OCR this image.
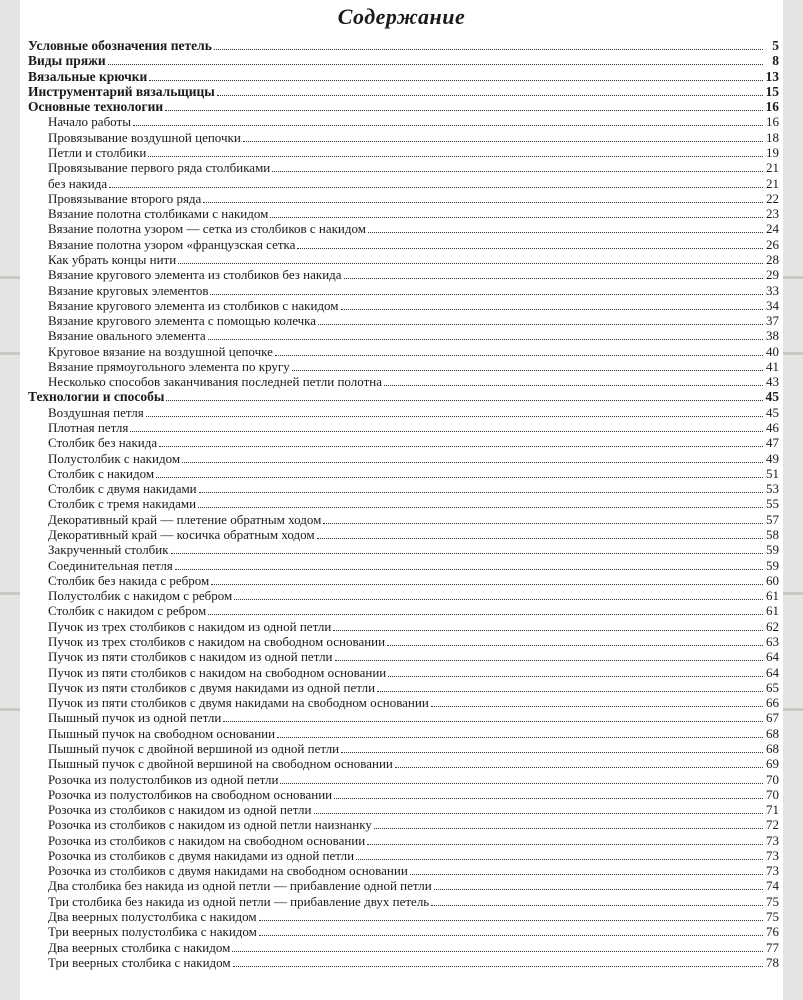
Содержание
Условные обозначения петель	5
Виды пряжи	8
Вязальные крючки	13
Инструментарий вязальщицы	15
Основные технологии	16
Начало работы	16
Провязывание воздушной цепочки	18
Петли и столбики	19
Провязывание первого ряда столбиками	21
без накида	21
Провязывание второго ряда	22
Вязание полотна столбиками с накидом	23
Вязание полотна узором — сетка из столбиков с накидом	24
Вязание полотна узором «французская сетка	26
Как убрать концы нити	28
Вязание кругового элемента из столбиков без накида	29
Вязание круговых элементов	33
Вязание кругового элемента из столбиков с накидом	34
Вязание кругового элемента с помощью колечка	37
Вязание овального элемента	38
Круговое вязание на воздушной цепочке	40
Вязание прямоугольного элемента по кругу	41
Несколько способов заканчивания последней петли полотна	43
Технологии и способы	45
Воздушная петля	45
Плотная петля	46
Столбик без накида	47
Полустолбик с накидом	49
Столбик с накидом	51
Столбик с двумя накидами	53
Столбик с тремя накидами	55
Декоративный край — плетение обратным ходом	57
Декоративный край — косичка обратным ходом	58
Закрученный столбик	59
Соединительная петля	59
Столбик без накида с ребром	60
Полустолбик с накидом с ребром	61
Столбик с накидом с ребром	61
Пучок из трех столбиков с накидом из одной петли	62
Пучок из трех столбиков с накидом на свободном основании	63
Пучок из пяти столбиков с накидом из одной петли	64
Пучок из пяти столбиков с накидом на свободном основании	64
Пучок из пяти столбиков с двумя накидами из одной петли	65
Пучок из пяти столбиков с двумя накидами на свободном основании	66
Пышный пучок из одной петли	67
Пышный пучок на свободном основании	68
Пышный пучок с двойной вершиной из одной петли	68
Пышный пучок с двойной вершиной на свободном основании	69
Розочка из полустолбиков из одной петли	70
Розочка из полустолбиков на свободном основании	70
Розочка из столбиков с накидом из одной петли	71
Розочка из столбиков с накидом из одной петли наизнанку	72
Розочка из столбиков с накидом на свободном основании	73
Розочка из столбиков с двумя накидами из одной петли	73
Розочка из столбиков с двумя накидами на свободном основании	73
Два столбика без накида из одной петли — прибавление одной петли	74
Три столбика без накида из одной петли — прибавление двух петель	75
Два веерных полустолбика с накидом	75
Три веерных полустолбика с накидом	76
Два веерных столбика с накидом	77
Три веерных столбика с накидом	78
